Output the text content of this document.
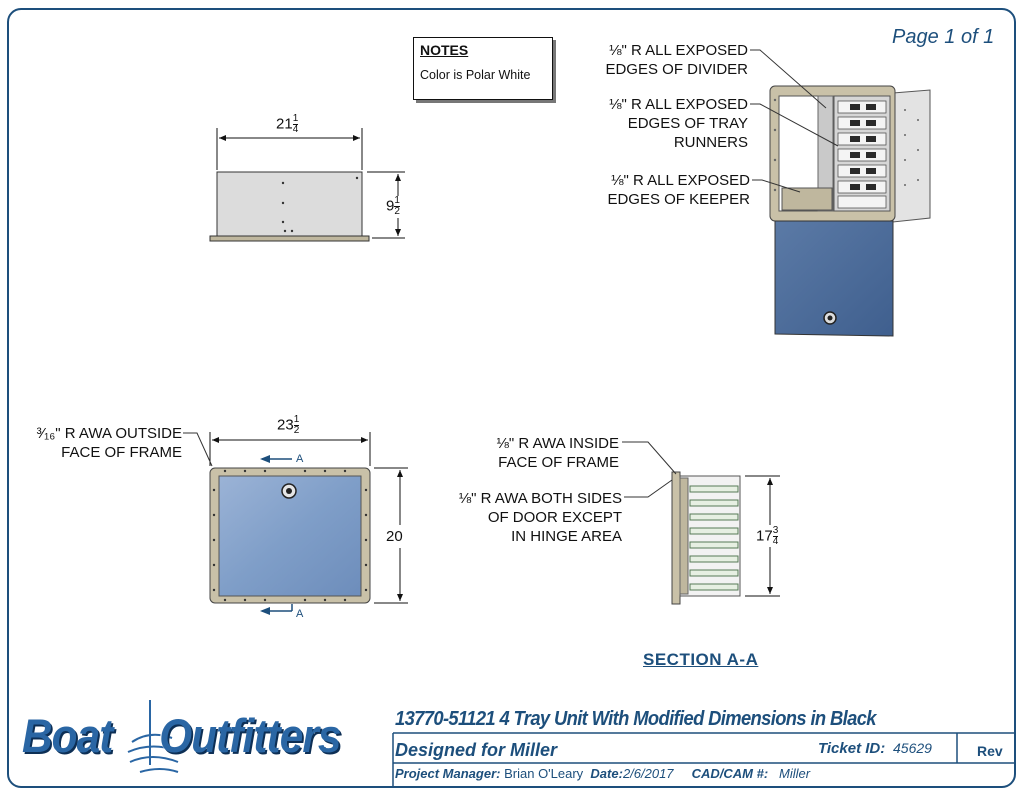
Page 1 of 1
NOTES
Color is Polar White
$21 \frac{1}{4}$
$9 \frac{1}{2}$
⅛" R ALL EXPOSED
EDGES OF DIVIDER
⅛" R ALL EXPOSED
EDGES OF TRAY
RUNNERS
⅛" R ALL EXPOSED
EDGES OF KEEPER
³⁄₁₆" R AWA OUTSIDE
FACE OF FRAME
$23 \frac{1}{2}$
20
A
A
⅛" R AWA INSIDE
FACE OF FRAME
⅛" R AWA BOTH SIDES
OF DOOR EXCEPT
IN HINGE AREA	$17 \frac{3}{4}$
SECTION A-A
Boat Outfitters	13770-51121 4 Tray Unit With Modified Dimensions in Black
Designed for Miller	Ticket ID: 45629	Rev
Project Manager: Brian O'Leary Date:2/6/2017 CAD/CAM #: Miller
